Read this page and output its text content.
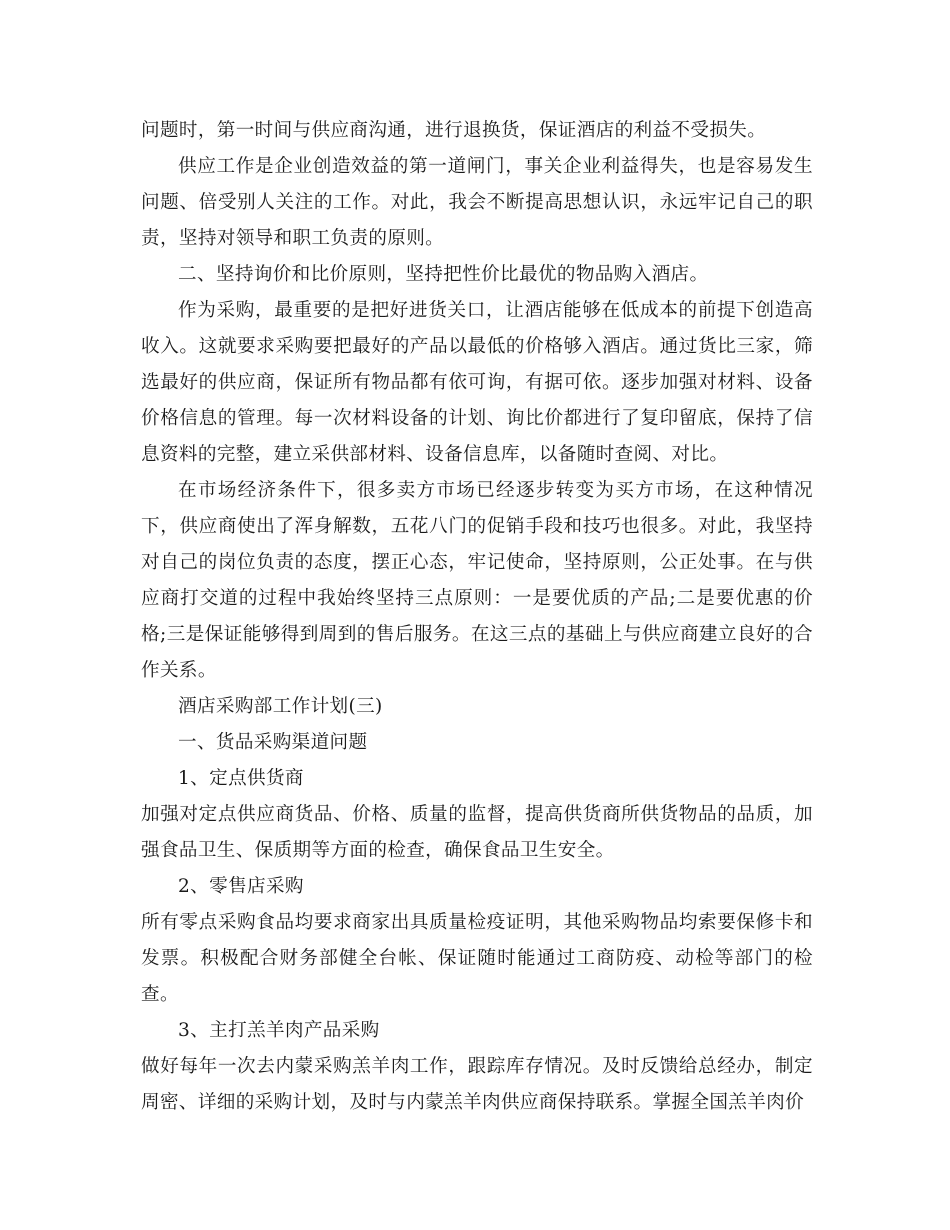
问题时，第一时间与供应商沟通，进行退换货，保证酒店的利益不受损失。

供应工作是企业创造效益的第一道闸门，事关企业利益得失，也是容易发生问题、倍受别人关注的工作。对此，我会不断提高思想认识，永远牢记自己的职责，坚持对领导和职工负责的原则。

二、坚持询价和比价原则，坚持把性价比最优的物品购入酒店。

作为采购，最重要的是把好进货关口，让酒店能够在低成本的前提下创造高收入。这就要求采购要把最好的产品以最低的价格够入酒店。通过货比三家，筛选最好的供应商，保证所有物品都有依可询，有据可依。逐步加强对材料、设备价格信息的管理。每一次材料设备的计划、询比价都进行了复印留底，保持了信息资料的完整，建立采供部材料、设备信息库，以备随时查阅、对比。

在市场经济条件下，很多卖方市场已经逐步转变为买方市场，在这种情况下，供应商使出了浑身解数，五花八门的促销手段和技巧也很多。对此，我坚持对自己的岗位负责的态度，摆正心态，牢记使命，坚持原则，公正处事。在与供应商打交道的过程中我始终坚持三点原则：一是要优质的产品;二是要优惠的价格;三是保证能够得到周到的售后服务。在这三点的基础上与供应商建立良好的合作关系。

酒店采购部工作计划(三)

一、货品采购渠道问题

1、定点供货商

加强对定点供应商货品、价格、质量的监督，提高供货商所供货物品的品质，加强食品卫生、保质期等方面的检查，确保食品卫生安全。

2、零售店采购

所有零点采购食品均要求商家出具质量检疫证明，其他采购物品均索要保修卡和发票。积极配合财务部健全台帐、保证随时能通过工商防疫、动检等部门的检查。

3、主打羔羊肉产品采购

做好每年一次去内蒙采购羔羊肉工作，跟踪库存情况。及时反馈给总经办，制定周密、详细的采购计划，及时与内蒙羔羊肉供应商保持联系。掌握全国羔羊肉价
